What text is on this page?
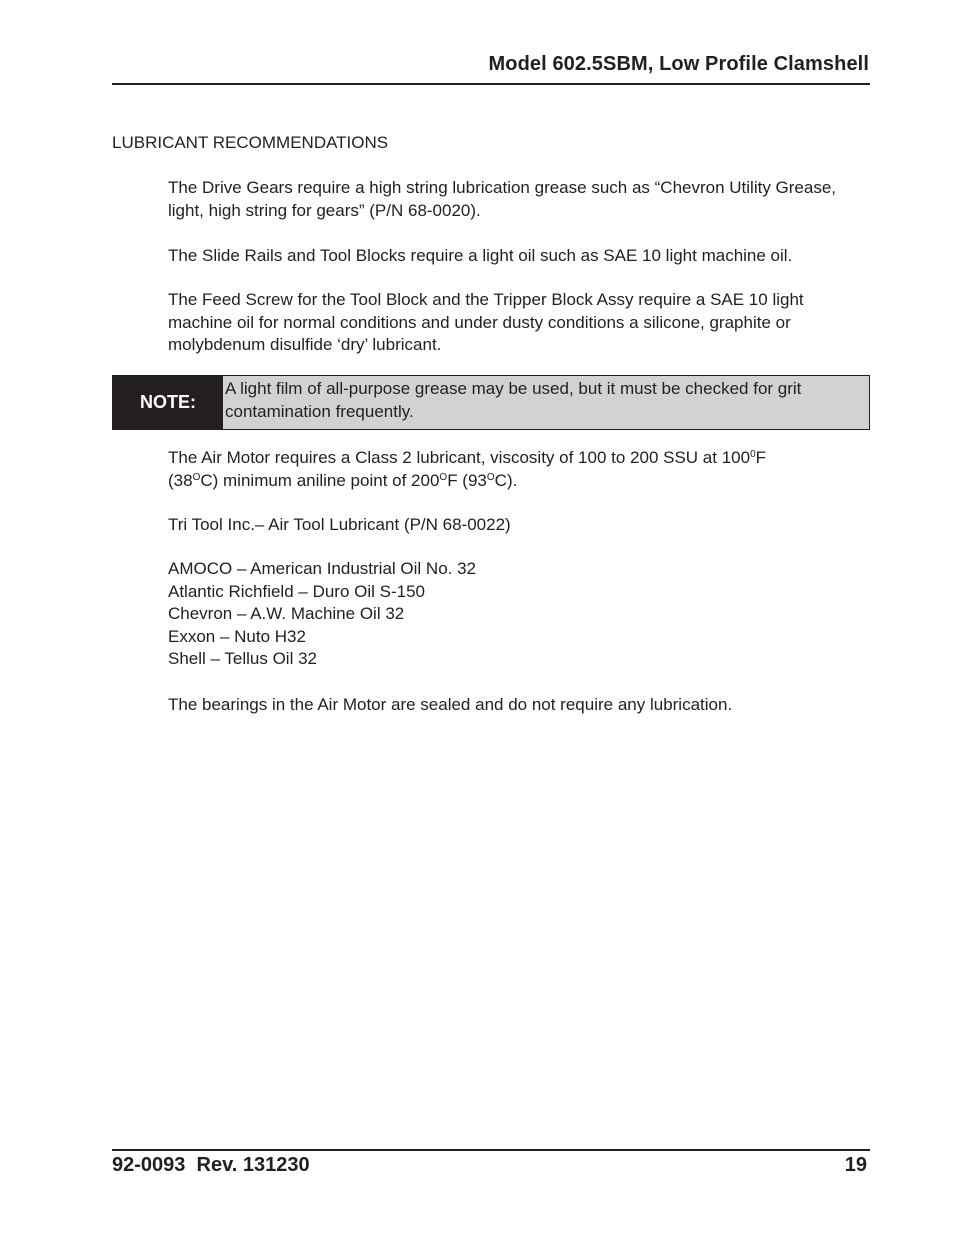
Model 602.5SBM, Low Profile Clamshell
LUBRICANT RECOMMENDATIONS

The Drive Gears require a high string lubrication grease such as “Chevron Utility Grease, light, high string for gears” (P/N 68-0020).

The Slide Rails and Tool Blocks require a light oil such as SAE 10 light machine oil.

The Feed Screw for the Tool Block and the Tripper Block Assy require a SAE 10 light machine oil for normal conditions and under dusty conditions a silicone, graphite or molybdenum disulfide ‘dry’ lubricant.

NOTE:
A light film of all-purpose grease may be used, but it must be checked for grit contamination frequently.

The Air Motor requires a Class 2 lubricant, viscosity of 100 to 200 SSU at $100^0F$

$(38^OC)$ minimum aniline point of $200^OF$ $(93^OC)$.

Tri Tool Inc.– Air Tool Lubricant (P/N 68-0022)

AMOCO – American Industrial Oil No. 32
Atlantic Richfield – Duro Oil S-150
Chevron – A.W. Machine Oil 32
Exxon – Nuto H32
Shell – Tellus Oil 32

The bearings in the Air Motor are sealed and do not require any lubrication.

92-0093  Rev. 131230	19
